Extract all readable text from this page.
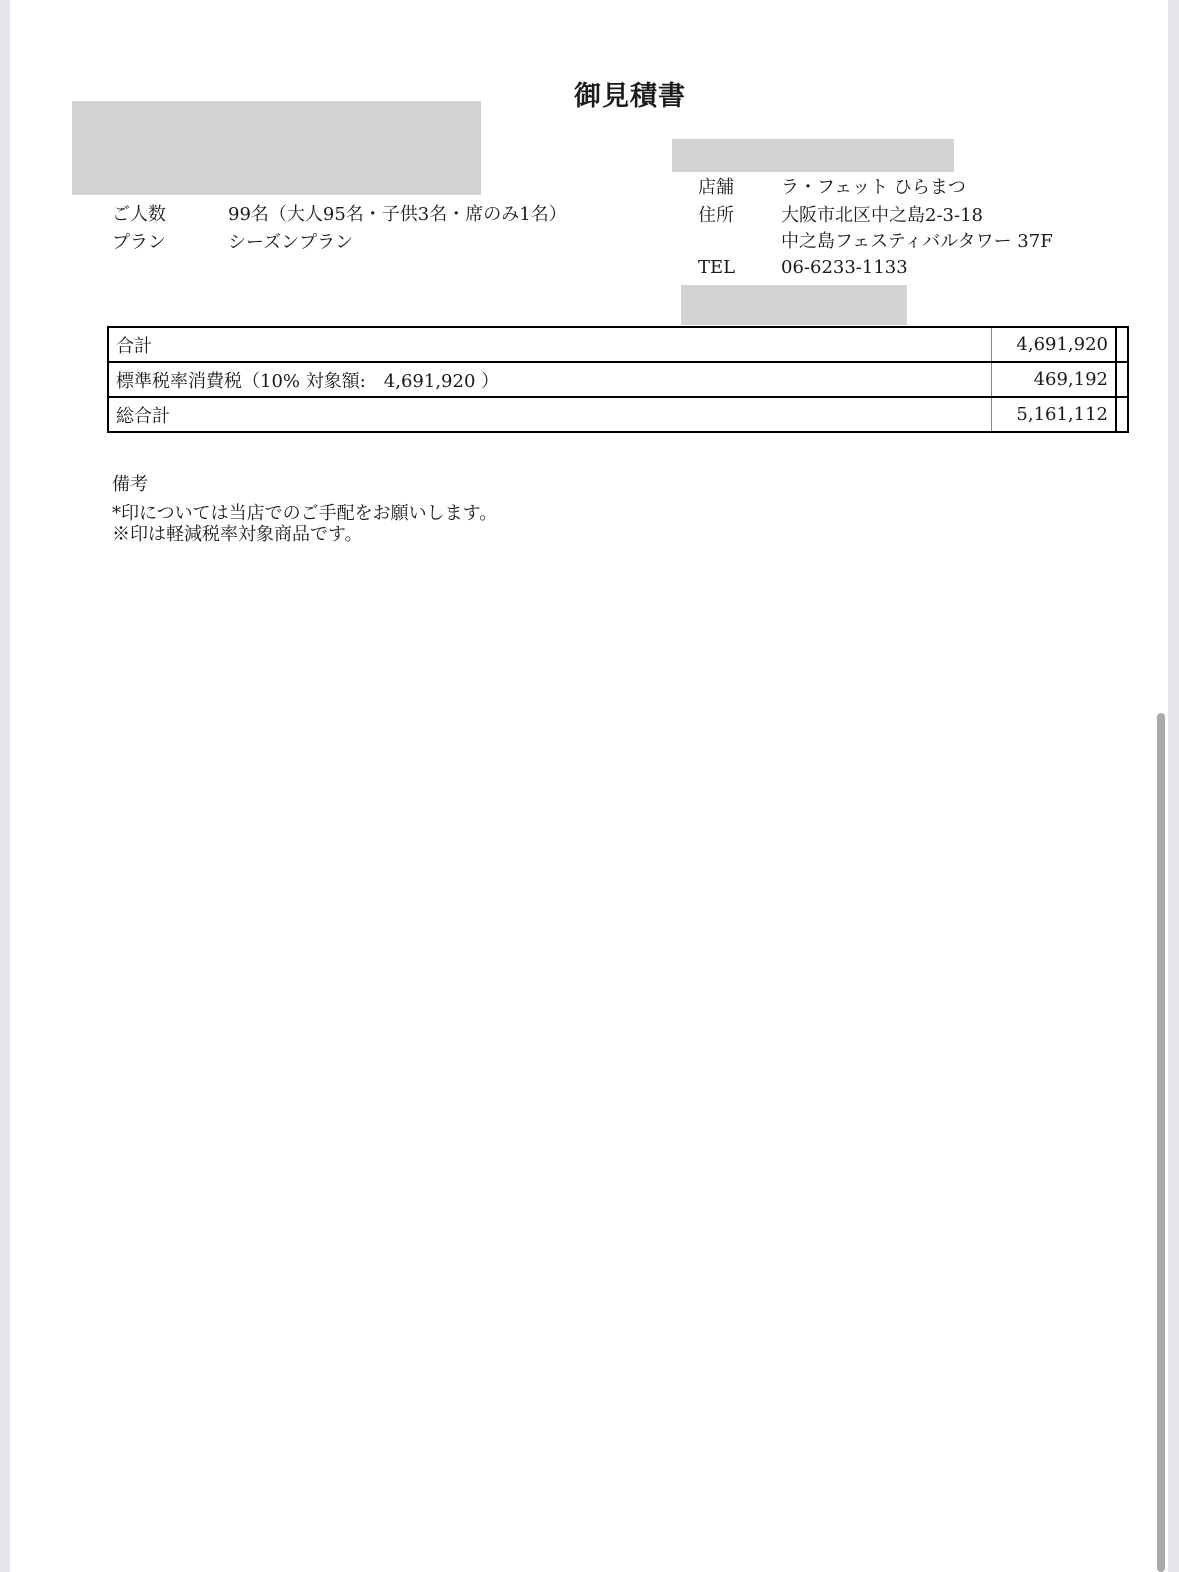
御見積書
ご人数	99名（大人95名・子供3名・席のみ1名）
プラン	シーズンプラン
店舗	ラ・フェット ひらまつ
住所	大阪市北区中之島2-3-18
中之島フェスティバルタワー 37F
TEL	06-6233-1133
合計	4,691,920	
標準税率消費税（10% 対象額:　4,691,920 ）	469,192	
総合計	5,161,112	
備考
*印については当店でのご手配をお願いします。
※印は軽減税率対象商品です。
